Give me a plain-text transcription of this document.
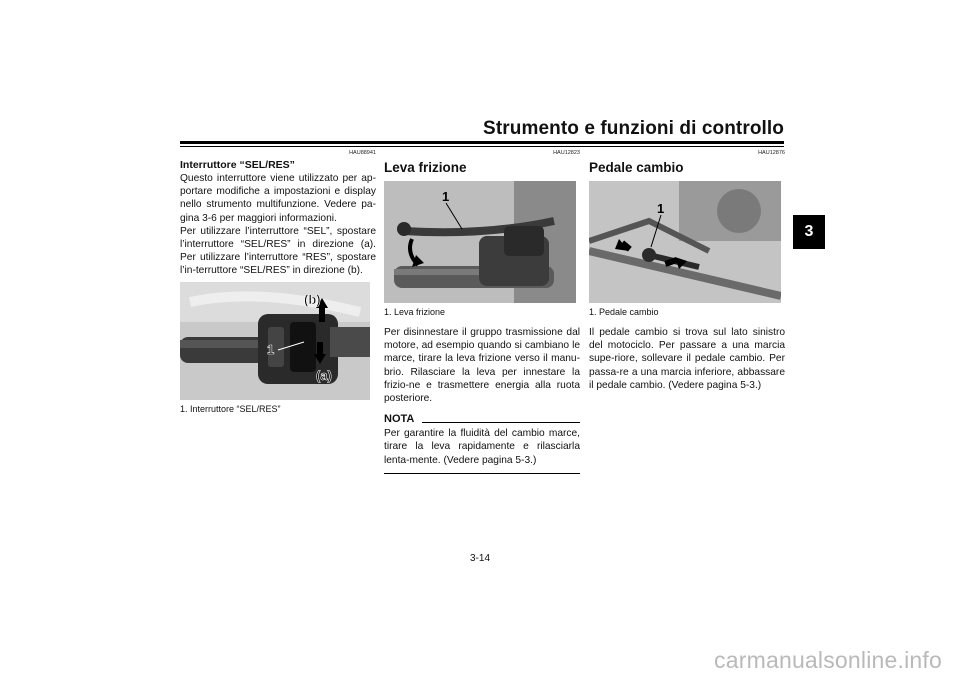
Strumento e funzioni di controllo
3
HAU88941
Interruttore “SEL/RES”

Questo interruttore viene utilizzato per ap-portare modifiche a impostazioni e display nello strumento multifunzione. Vedere pa-gina 3-6 per maggiori informazioni.

Per utilizzare l’interruttore “SEL”, spostare l’interruttore “SEL/RES” in direzione (a). Per utilizzare l’interruttore “RES”, spostare l’in-terruttore “SEL/RES” in direzione (b).

(b)
1
(a)
1. Interruttore “SEL/RES”
HAU12823
Leva frizione
1
1. Leva frizione

Per disinnestare il gruppo trasmissione dal motore, ad esempio quando si cambiano le marce, tirare la leva frizione verso il manu-brio. Rilasciare la leva per innestare la frizio-ne e trasmettere energia alla ruota posteriore.

NOTA

Per garantire la fluidità del cambio marce, tirare la leva rapidamente e rilasciarla lenta-mente. (Vedere pagina 5-3.)

HAU12876
Pedale cambio
1
1. Pedale cambio

Il pedale cambio si trova sul lato sinistro del motociclo. Per passare a una marcia supe-riore, sollevare il pedale cambio. Per passa-re a una marcia inferiore, abbassare il pedale cambio. (Vedere pagina 5-3.)

3-14
carmanualsonline.info
